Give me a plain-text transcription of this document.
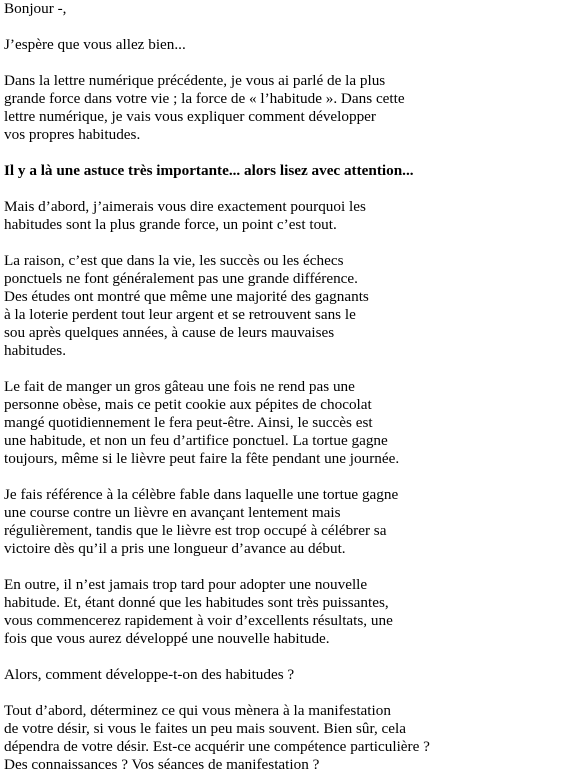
Bonjour -,

J’espère que vous allez bien...

Dans la lettre numérique précédente, je vous ai parlé de la plus
grande force dans votre vie ; la force de « l’habitude ». Dans cette
lettre numérique, je vais vous expliquer comment développer
vos propres habitudes.

Il y a là une astuce très importante... alors lisez avec attention...

Mais d’abord, j’aimerais vous dire exactement pourquoi les
habitudes sont la plus grande force, un point c’est tout.

La raison, c’est que dans la vie, les succès ou les échecs
ponctuels ne font généralement pas une grande différence.
Des études ont montré que même une majorité des gagnants
à la loterie perdent tout leur argent et se retrouvent sans le
sou après quelques années, à cause de leurs mauvaises
habitudes.

Le fait de manger un gros gâteau une fois ne rend pas une
personne obèse, mais ce petit cookie aux pépites de chocolat
mangé quotidiennement le fera peut-être. Ainsi, le succès est
une habitude, et non un feu d’artifice ponctuel. La tortue gagne
toujours, même si le lièvre peut faire la fête pendant une journée.

Je fais référence à la célèbre fable dans laquelle une tortue gagne
une course contre un lièvre en avançant lentement mais
régulièrement, tandis que le lièvre est trop occupé à célébrer sa
victoire dès qu’il a pris une longueur d’avance au début.

En outre, il n’est jamais trop tard pour adopter une nouvelle
habitude. Et, étant donné que les habitudes sont très puissantes,
vous commencerez rapidement à voir d’excellents résultats, une
fois que vous aurez développé une nouvelle habitude.

Alors, comment développe-t-on des habitudes ?

Tout d’abord, déterminez ce qui vous mènera à la manifestation
de votre désir, si vous le faites un peu mais souvent. Bien sûr, cela
dépendra de votre désir. Est-ce acquérir une compétence particulière ?
Des connaissances ? Vos séances de manifestation ?
